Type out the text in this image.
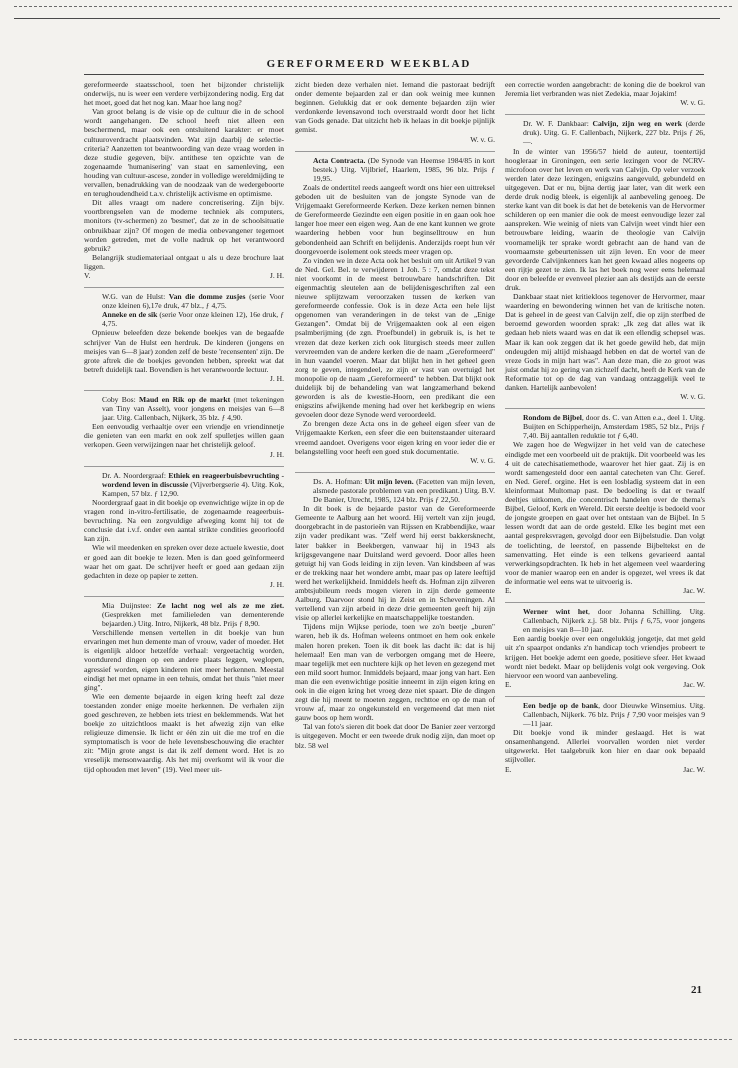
GEREFORMEERD WEEKBLAD

gereformeerde staatsschool, toen het bijzonder christelijk onderwijs, nu is weer een verdere verbijzondering nodig. Erg dat het moet, goed dat het nog kan. Maar hoe lang nog?

Van groot belang is de visie op de cultuur die in de school wordt aangehangen. De school heeft niet alleen een beschermend, maar ook een ontsluitend karakter: er moet cultuuroverdracht plaatsvinden. Wat zijn daarbij de selectie-criteria? Aanzetten tot beantwoording van deze vraag worden in deze studie gegeven, bijv. antithese ten opzichte van de zogenaamde 'humanisering' van staat en samenleving, een houding van cultuur-ascese, zonder in volledige wereldmijding te vervallen, benadrukking van de noodzaak van de wedergeboorte en terughoudendheid t.a.v. christelijk activisme en optimisme.

Dit alles vraagt om nadere concretisering. Zijn bijv. voortbrengselen van de moderne techniek als computers, monitors (tv-schermen) zo 'besmet', dat ze in de schoolsituatie onbruikbaar zijn? Of mogen de media onbevangener tegemoet worden getreden, met de volle nadruk op het verantwoord gebruik?

Belangrijk studiemateriaal ontgaat u als u deze brochure laat liggen.

V.	J. H.

W.G. van de Hulst: Van die domme zusjes (serie Voor onze kleinen 6),17e druk, 47 blz., ƒ 4,75.

Anneke en de sik (serie Voor onze kleinen 12), 16e druk, ƒ 4,75.

Opnieuw beleefden deze bekende boekjes van de begaafde schrijver Van de Hulst een herdruk. De kinderen (jongens en meisjes van 6—8 jaar) zonden zelf de beste 'recensenten' zijn. De grote aftrek die de boekjes gevonden hebben, spreekt wat dat betreft duidelijk taal. Bovendien is het verantwoorde lectuur.

J. H.

Coby Bos: Maud en Rik op de markt (met tekeningen van Tiny van Asselt), voor jongens en meisjes van 6—8 jaar. Uitg. Callenbach, Nijkerk, 35 blz. ƒ 4,90.

Een eenvoudig verhaaltje over een vriendje en vriendinnetje die genieten van een markt en ook zelf spulletjes willen gaan verkopen. Geen verwijzingen naar het christelijk geloof.

J. H.

Dr. A. Noordergraaf: Ethiek en reageerbuisbevruchting - wordend leven in discussie (Vijverbergserie 4). Uitg. Kok, Kampen, 57 blz. ƒ 12,90.

Noordergraaf gaat in dit boekje op evenwichtige wijze in op de vragen rond in-vitro-fertilisatie, de zogenaamde reageerbuis-bevruchting. Na een zorgvuldige afweging komt hij tot de conclusie dat i.v.f. onder een aantal strikte condities geoorloofd kan zijn.

Wie wil meedenken en spreken over deze actuele kwestie, doet er goed aan dit boekje te lezen. Men is dan goed geïnformeerd waar het om gaat. De schrijver heeft er goed aan gedaan zijn gedachten in deze op papier te zetten.

J. H.

Mia Duijnstee: Ze lacht nog wel als ze me ziet. (Gesprekken met familieleden van dementerende bejaarden.) Uitg. Intro, Nijkerk, 48 blz. Prijs ƒ 8,90.

Verschillende mensen vertellen in dit boekje van hun ervaringen met hun demente man of vrouw, vader of moeder. Het is eigenlijk aldoor hetzelfde verhaal: vergeetachtig worden, voortdurend dingen op een andere plaats leggen, weglopen, agressief worden, eigen kinderen niet meer herkennen. Meestal eindigt het met opname in een tehuis, omdat het thuis "niet meer ging".

Wie een demente bejaarde in eigen kring heeft zal deze toestanden zonder enige moeite herkennen. De verhalen zijn goed geschreven, ze hebben iets triest en beklemmends. Wat het boekje zo uitzichtloos maakt is het afwezig zijn van elke religieuze dimensie. Ik licht er één zin uit die me trof en die symptomatisch is voor de hele levensbeschouwing die erachter zit: "Mijn grote angst is dat ik zelf dement word. Het is zo vreselijk mensonwaardig. Als het mij overkomt wil ik voor die tijd ophouden met leven" (19). Veel meer uit-

zicht bieden deze verhalen niet. Iemand die pastoraat bedrijft onder demente bejaarden zal er dan ook weinig mee kunnen beginnen. Gelukkig dat er ook demente bejaarden zijn wier verdonkerde levensavond toch overstraald wordt door het licht van Gods genade. Dat uitzicht heb ik helaas in dit boekje pijnlijk gemist.

W. v. G.

Acta Contracta. (De Synode van Heemse 1984/85 in kort bestek.) Uitg. Vijlbrief, Haarlem, 1985, 96 blz. Prijs ƒ 19,95.

Zoals de ondertitel reeds aangeeft wordt ons hier een uittreksel geboden uit de besluiten van de jongste Synode van de Vrijgemaakt Gereformeerde Kerken. Deze kerken nemen binnen de Gereformeerde Gezindte een eigen positie in en gaan ook hoe langer hoe meer een eigen weg. Aan de ene kant kunnen we grote waardering hebben voor hun beginselltrouw en hun gebondenheid aan Schrift en belijdenis. Anderzijds roept hun vér doorgevoerde isolement ook steeds meer vragen op.

Zo vinden we in deze Acta ook het besluit om uit Artikel 9 van de Ned. Gel. Bel. te verwijderen 1 Joh. 5 : 7, omdat deze tekst niet voorkomt in de meest betrouwbare handschriften. Dit eigenmachtig sleutelen aan de belijdenisgeschriften zal een nieuwe splijtzwam veroorzaken tussen de kerken van gereformeerde confessie. Ook is in deze Acta een hele lijst opgenomen van veranderingen in de tekst van de „Enige Gezangen". Omdat bij de Vrijgemaakten ook al een eigen psalmberijming (de zgn. Proefbundel) in gebruik is, is het te vrezen dat deze kerken zich ook liturgisch steeds meer zullen vervreemden van de andere kerken die de naam „Gereformeerd" in hun vaandel voeren. Maar dat blijkt hen in het geheel geen zorg te geven, integendeel, ze zijn er vast van overtuigd het monopolie op de naam „Gereformeerd" te hebben. Dat blijkt ook duidelijk bij de behandeling van wat langzamerhand bekend geworden is als de kwestie-Hoorn, een predikant die een enigszins afwijkende mening had over het kerkbegrip en wiens gevoelen door deze Synode werd veroordeeld.

Zo brengen deze Acta ons in de geheel eigen sfeer van de Vrijgemaakte Kerken, een sfeer die een buitenstaander uiteraard vreemd aandoet. Overigens voor eigen kring en voor ieder die er belangstelling voor heeft een goed stuk documentatie.

W. v. G.

Ds. A. Hofman: Uit mijn leven. (Facetten van mijn leven, alsmede pastorale problemen van een predikant.) Uitg. B.V. De Banier, Utrecht, 1985, 124 blz. Prijs ƒ 22,50.

In dit boek is de bejaarde pastor van de Gereformeerde Gemeente te Aalburg aan het woord. Hij vertelt van zijn jeugd, doorgebracht in de pastorieën van Rijssen en Krabbendijke, waar zijn vader predikant was. "Zelf werd hij eerst bakkersknecht, later bakker in Beekbergen, vanwaar hij in 1943 als krijgsgevangene naar Duitsland werd gevoerd. Door alles heen getuigt hij van Gods leiding in zijn leven. Van kindsbeen af was er de trekking naar het wondere ambt, maar pas op latere leeftijd werd het werkelijkheid. Inmiddels heeft ds. Hofman zijn zilveren ambtsjubileum reeds mogen vieren in zijn derde gemeente Aalburg. Daarvoor stond hij in Zeist en in Scheveningen. Al vertellend van zijn arbeid in deze drie gemeenten geeft hij zijn visie op allerlei kerkelijke en maatschappelijke toestanden.

Tijdens mijn Wijkse periode, toen we zo'n beetje „buren" waren, heb ik ds. Hofman weleens ontmoet en hem ook enkele malen horen preken. Toen ik dit boek las dacht ik: dat is hij helemaal! Een man van de verborgen omgang met de Heere, maar tegelijk met een nuchtere kijk op het leven en gezegend met een mild soort humor. Inmiddels bejaard, maar jong van hart. Een man die een evenwichtige positie inneemt in zijn eigen kring en ook in die eigen kring het vroeg deze niet spaart. Die de dingen zegt die hij meent te moeten zeggen, rechttoe en op de man of vrouw af, maar zo ongekunsteld en vergemeend dat men niet gauw boos op hem wordt.

Tal van foto's sieren dit boek dat door De Banier zeer verzorgd is uitgegeven. Mocht er een tweede druk nodig zijn, dan moet op blz. 58 wel

een correctie worden aangebracht: de koning die de boekrol van Jeremia liet verbranden was niet Zedekia, maar Jojakim!

W. v. G.

Dr. W. F. Dankbaar: Calvijn, zijn weg en werk (derde druk). Uitg. G. F. Callenbach, Nijkerk, 227 blz. Prijs ƒ 26,—.

In de winter van 1956/57 hield de auteur, toentertijd hoogleraar in Groningen, een serie lezingen voor de NCRV-microfoon over het leven en werk van Calvijn. Op veler verzoek werden later deze lezingen, enigszins aangevuld, gebundeld en uitgegeven. Dat er nu, bijna dertig jaar later, van dit werk een derde druk nodig bleek, is eigenlijk al aanbeveling genoeg. De sterke kant van dit boek is dat het de betekenis van de Hervormer schilderen op een manier die ook de meest eenvoudige lezer zal aanspreken. Wie weinig of niets van Calvijn weet vindt hier een betrouwbare leiding, waarin de theologie van Calvijn voornamelijk ter sprake wordt gebracht aan de hand van de voornaamste gebeurtenissen uit zijn leven. En voor de meer gevorderde Calvijnkenners kan het geen kwaad alles nogeens op een rijtje gezet te zien. Ik las het boek nog weer eens helemaal door en beleefde er evenveel plezier aan als destijds aan de eerste druk.

Dankbaar staat niet kritiekloos tegenover de Hervormer, maar waardering en bewondering winnen het van de kritische noten. Dat is geheel in de geest van Calvijn zelf, die op zijn sterfbed de beroemd geworden woorden sprak: „Ik zeg dat alles wat ik gedaan heb niets waard was en dat ik een ellendig schepsel was. Maar ik kan ook zeggen dat ik het goede gewild heb, dat mijn ondeugden mij altijd mishaagd hebben en dat de wortel van de vreze Gods in mijn hart was". Aan deze man, die zo groot was juist omdat hij zo gering van zichzelf dacht, heeft de Kerk van de Reformatie tot op de dag van vandaag ontzaggelijk veel te danken. Hartelijk aanbevolen!

W. v. G.

Rondom de Bijbel, door ds. C. van Atten e.a., deel 1. Uitg. Buijten en Schipperheijn, Amsterdam 1985, 52 blz., Prijs ƒ 7,40. Bij aantallen reduktie tot ƒ 6,40.

We zagen hoe de Wegwijzer in het veld van de catechese eindigde met een voorbeeld uit de praktijk. Dit voorbeeld was les 4 uit de catechisatiemethode, waarover het hier gaat. Zij is en wordt samengesteld door een aantal catecheten van Chr. Geref. en Ned. Geref. orgine. Het is een losbladig systeem dat in een kleinformaat Multomap past. De bedoeling is dat er twaalf deeltjes uitkomen, die concentrisch handelen over de thema's Bijbel, Geloof, Kerk en Wereld. Dit eerste deeltje is bedoeld voor de jongste groepen en gaat over het ontstaan van de Bijbel. In 5 lessen wordt dat aan de orde gesteld. Elke les begint met een aantal gespreksvragen, gevolgd door een Bijbelstudie. Dan volgt de toelichting, de leerstof, en passende Bijbeltekst en de samenvatting. Het einde is een telkens gevarieerd aantal verwerkingsopdrachten. Ik heb in het algemeen veel waardering voor de manier waarop een en ander is opgezet, wel vrees ik dat de informatie wel eens wat te uitvoerig is.

E.	Jac. W.

Werner wint het, door Johanna Schilling. Uitg. Callenbach, Nijkerk z.j. 58 blz. Prijs ƒ 6,75, voor jongens en meisjes van 8—10 jaar.

Een aardig boekje over een ongelukkig jongetje, dat met geld uit z'n spaarpot ondanks z'n handicap toch vriendjes probeert te krijgen. Het boekje ademt een goede, positieve sfeer. Het kwaad wordt niet bedekt. Maar op belijdenis volgt ook vergeving. Ook hiervoor een woord van aanbeveling.

E.	Jac. W.

Een bedje op de bank, door Dieuwke Winsemius. Uitg. Callenbach, Nijkerk. 76 blz. Prijs ƒ 7,90 voor meisjes van 9—11 jaar.

Dit boekje vond ik minder geslaagd. Het is wat onsamenhangend. Allerlei voorvallen worden niet verder uitgewerkt. Het taalgebruik kon hier en daar ook bepaald stijlvoller.

E.	Jac. W.
21
